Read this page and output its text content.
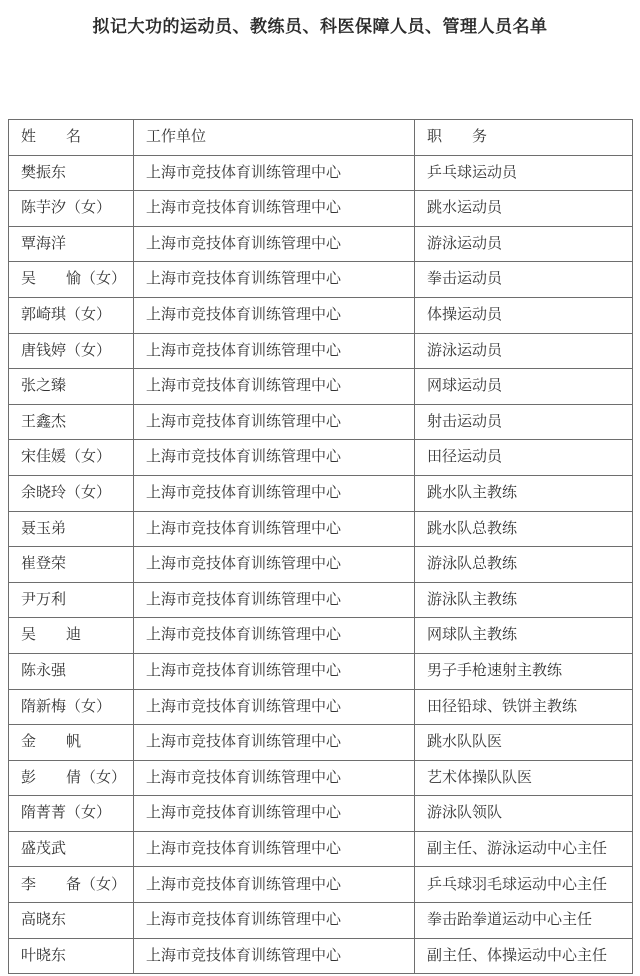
拟记大功的运动员、教练员、科医保障人员、管理人员名单
姓　　名	工作单位	职　　务
樊振东	上海市竞技体育训练管理中心	乒乓球运动员
陈芋汐（女）	上海市竞技体育训练管理中心	跳水运动员
覃海洋	上海市竞技体育训练管理中心	游泳运动员
吴　　愉（女）	上海市竞技体育训练管理中心	拳击运动员
郭崎琪（女）	上海市竞技体育训练管理中心	体操运动员
唐钱婷（女）	上海市竞技体育训练管理中心	游泳运动员
张之臻	上海市竞技体育训练管理中心	网球运动员
王鑫杰	上海市竞技体育训练管理中心	射击运动员
宋佳媛（女）	上海市竞技体育训练管理中心	田径运动员
余晓玲（女）	上海市竞技体育训练管理中心	跳水队主教练
聂玉弟	上海市竞技体育训练管理中心	跳水队总教练
崔登荣	上海市竞技体育训练管理中心	游泳队总教练
尹万利	上海市竞技体育训练管理中心	游泳队主教练
吴　　迪	上海市竞技体育训练管理中心	网球队主教练
陈永强	上海市竞技体育训练管理中心	男子手枪速射主教练
隋新梅（女）	上海市竞技体育训练管理中心	田径铅球、铁饼主教练
金　　帆	上海市竞技体育训练管理中心	跳水队队医
彭　　倩（女）	上海市竞技体育训练管理中心	艺术体操队队医
隋菁菁（女）	上海市竞技体育训练管理中心	游泳队领队
盛茂武	上海市竞技体育训练管理中心	副主任、游泳运动中心主任
李　　备（女）	上海市竞技体育训练管理中心	乒乓球羽毛球运动中心主任
高晓东	上海市竞技体育训练管理中心	拳击跆拳道运动中心主任
叶晓东	上海市竞技体育训练管理中心	副主任、体操运动中心主任
